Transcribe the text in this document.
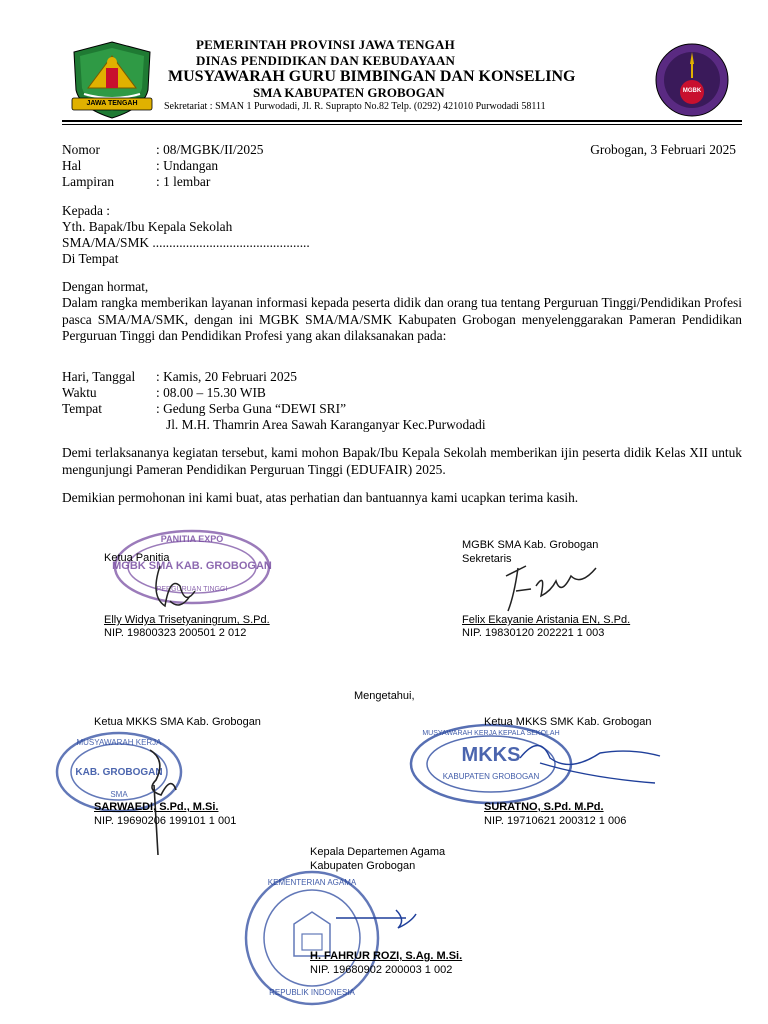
JAWA TENGAH
PEMERINTAH PROVINSI JAWA TENGAH
DINAS PENDIDIKAN DAN KEBUDAYAAN
MUSYAWARAH GURU BIMBINGAN DAN KONSELING
SMA KABUPATEN GROBOGAN
Sekretariat : SMAN 1 Purwodadi, Jl. R. Suprapto No.82 Telp. (0292) 421010 Purwodadi 58111
MGBK
Nomor	: 08/MGBK/II/2025
Hal	: Undangan
Lampiran	: 1 lembar
Grobogan, 3 Februari 2025
Kepada :
Yth. Bapak/Ibu Kepala Sekolah
SMA/MA/SMK ...............................................
Di Tempat
Dengan hormat,
Dalam rangka memberikan layanan informasi kepada peserta didik dan orang tua tentang Perguruan Tinggi/Pendidikan Profesi pasca SMA/MA/SMK, dengan ini MGBK SMA/MA/SMK Kabupaten Grobogan menyelenggarakan Pameran Pendidikan Perguruan Tinggi dan Pendidikan Profesi yang akan dilaksanakan pada:
Hari, Tanggal : Kamis, 20 Februari 2025
Waktu	: 08.00 – 15.30 WIB
Tempat	: Gedung Serba Guna “DEWI SRI”
Jl. M.H. Thamrin Area Sawah Karanganyar Kec.Purwodadi
Demi terlaksananya kegiatan tersebut, kami mohon Bapak/Ibu Kepala Sekolah memberikan ijin peserta didik Kelas XII untuk mengunjungi Pameran Pendidikan Perguruan Tinggi (EDUFAIR) 2025.
Demikian permohonan ini kami buat, atas perhatian dan bantuannya kami ucapkan terima kasih.
PANITIA EXPO
MGBK SMA KAB. GROBOGAN
PERGURUAN TINGGI
Ketua Panitia
Elly Widya Trisetyaningrum, S.Pd.
NIP. 19800323 200501 2 012
MGBK SMA Kab. Grobogan
Sekretaris
Felix Ekayanie Aristania EN, S.Pd.
NIP. 19830120 202221 1 003
Mengetahui,
MUSYAWARAH KERJA
KAB. GROBOGAN
SMA
Ketua MKKS SMA Kab. Grobogan
SARWAEDI, S.Pd., M.Si.
NIP. 19690206 199101 1 001
MUSYAWARAH KERJA KEPALA SEKOLAH
MKKS
KABUPATEN GROBOGAN
Ketua MKKS SMK Kab. Grobogan
SURATNO, S.Pd. M.Pd.
NIP. 19710621 200312 1 006
Kepala Departemen Agama
Kabupaten Grobogan
KEMENTERIAN AGAMA
REPUBLIK INDONESIA
H. FAHRUR ROZI, S.Ag. M.Si.
NIP. 19680902 200003 1 002
